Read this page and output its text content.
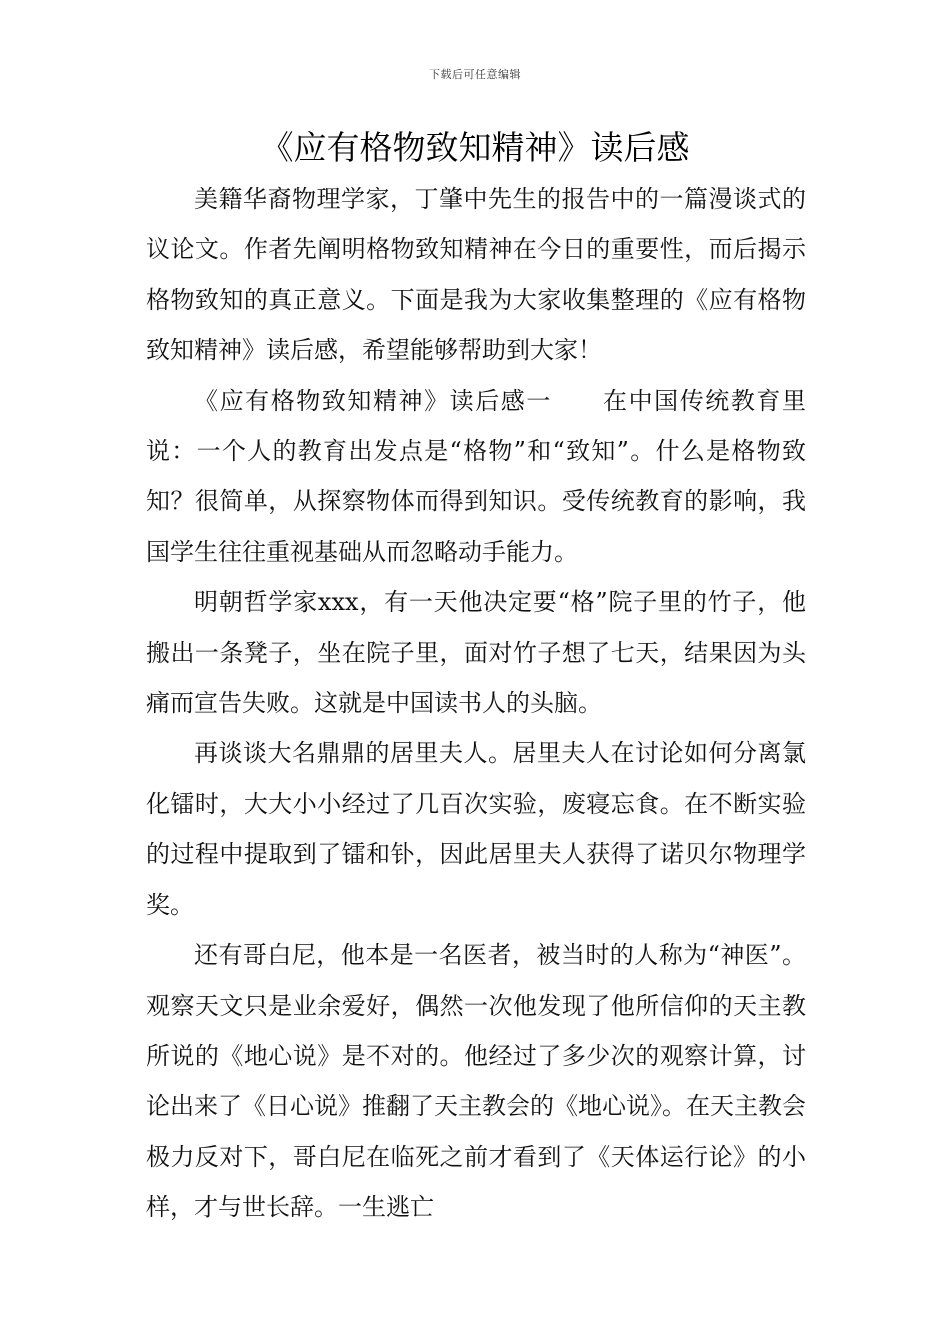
下载后可任意编辑
《应有格物致知精神》读后感

美籍华裔物理学家，丁肇中先生的报告中的一篇漫谈式的议论文。作者先阐明格物致知精神在今日的重要性，而后揭示格物致知的真正意义。下面是我为大家收集整理的《应有格物致知精神》读后感，希望能够帮助到大家！

《应有格物致知精神》读后感一　　在中国传统教育里说：一个人的教育出发点是“格物”和“致知”。什么是格物致知？很简单，从探察物体而得到知识。受传统教育的影响，我国学生往往重视基础从而忽略动手能力。

明朝哲学家xxx，有一天他决定要“格”院子里的竹子，他搬出一条凳子，坐在院子里，面对竹子想了七天，结果因为头痛而宣告失败。这就是中国读书人的头脑。

再谈谈大名鼎鼎的居里夫人。居里夫人在讨论如何分离氯化镭时，大大小小经过了几百次实验，废寝忘食。在不断实验的过程中提取到了镭和钋，因此居里夫人获得了诺贝尔物理学奖。

还有哥白尼，他本是一名医者，被当时的人称为“神医”。观察天文只是业余爱好，偶然一次他发现了他所信仰的天主教所说的《地心说》是不对的。他经过了多少次的观察计算，讨论出来了《日心说》推翻了天主教会的《地心说》。在天主教会极力反对下，哥白尼在临死之前才看到了《天体运行论》的小样，才与世长辞。一生逃亡
